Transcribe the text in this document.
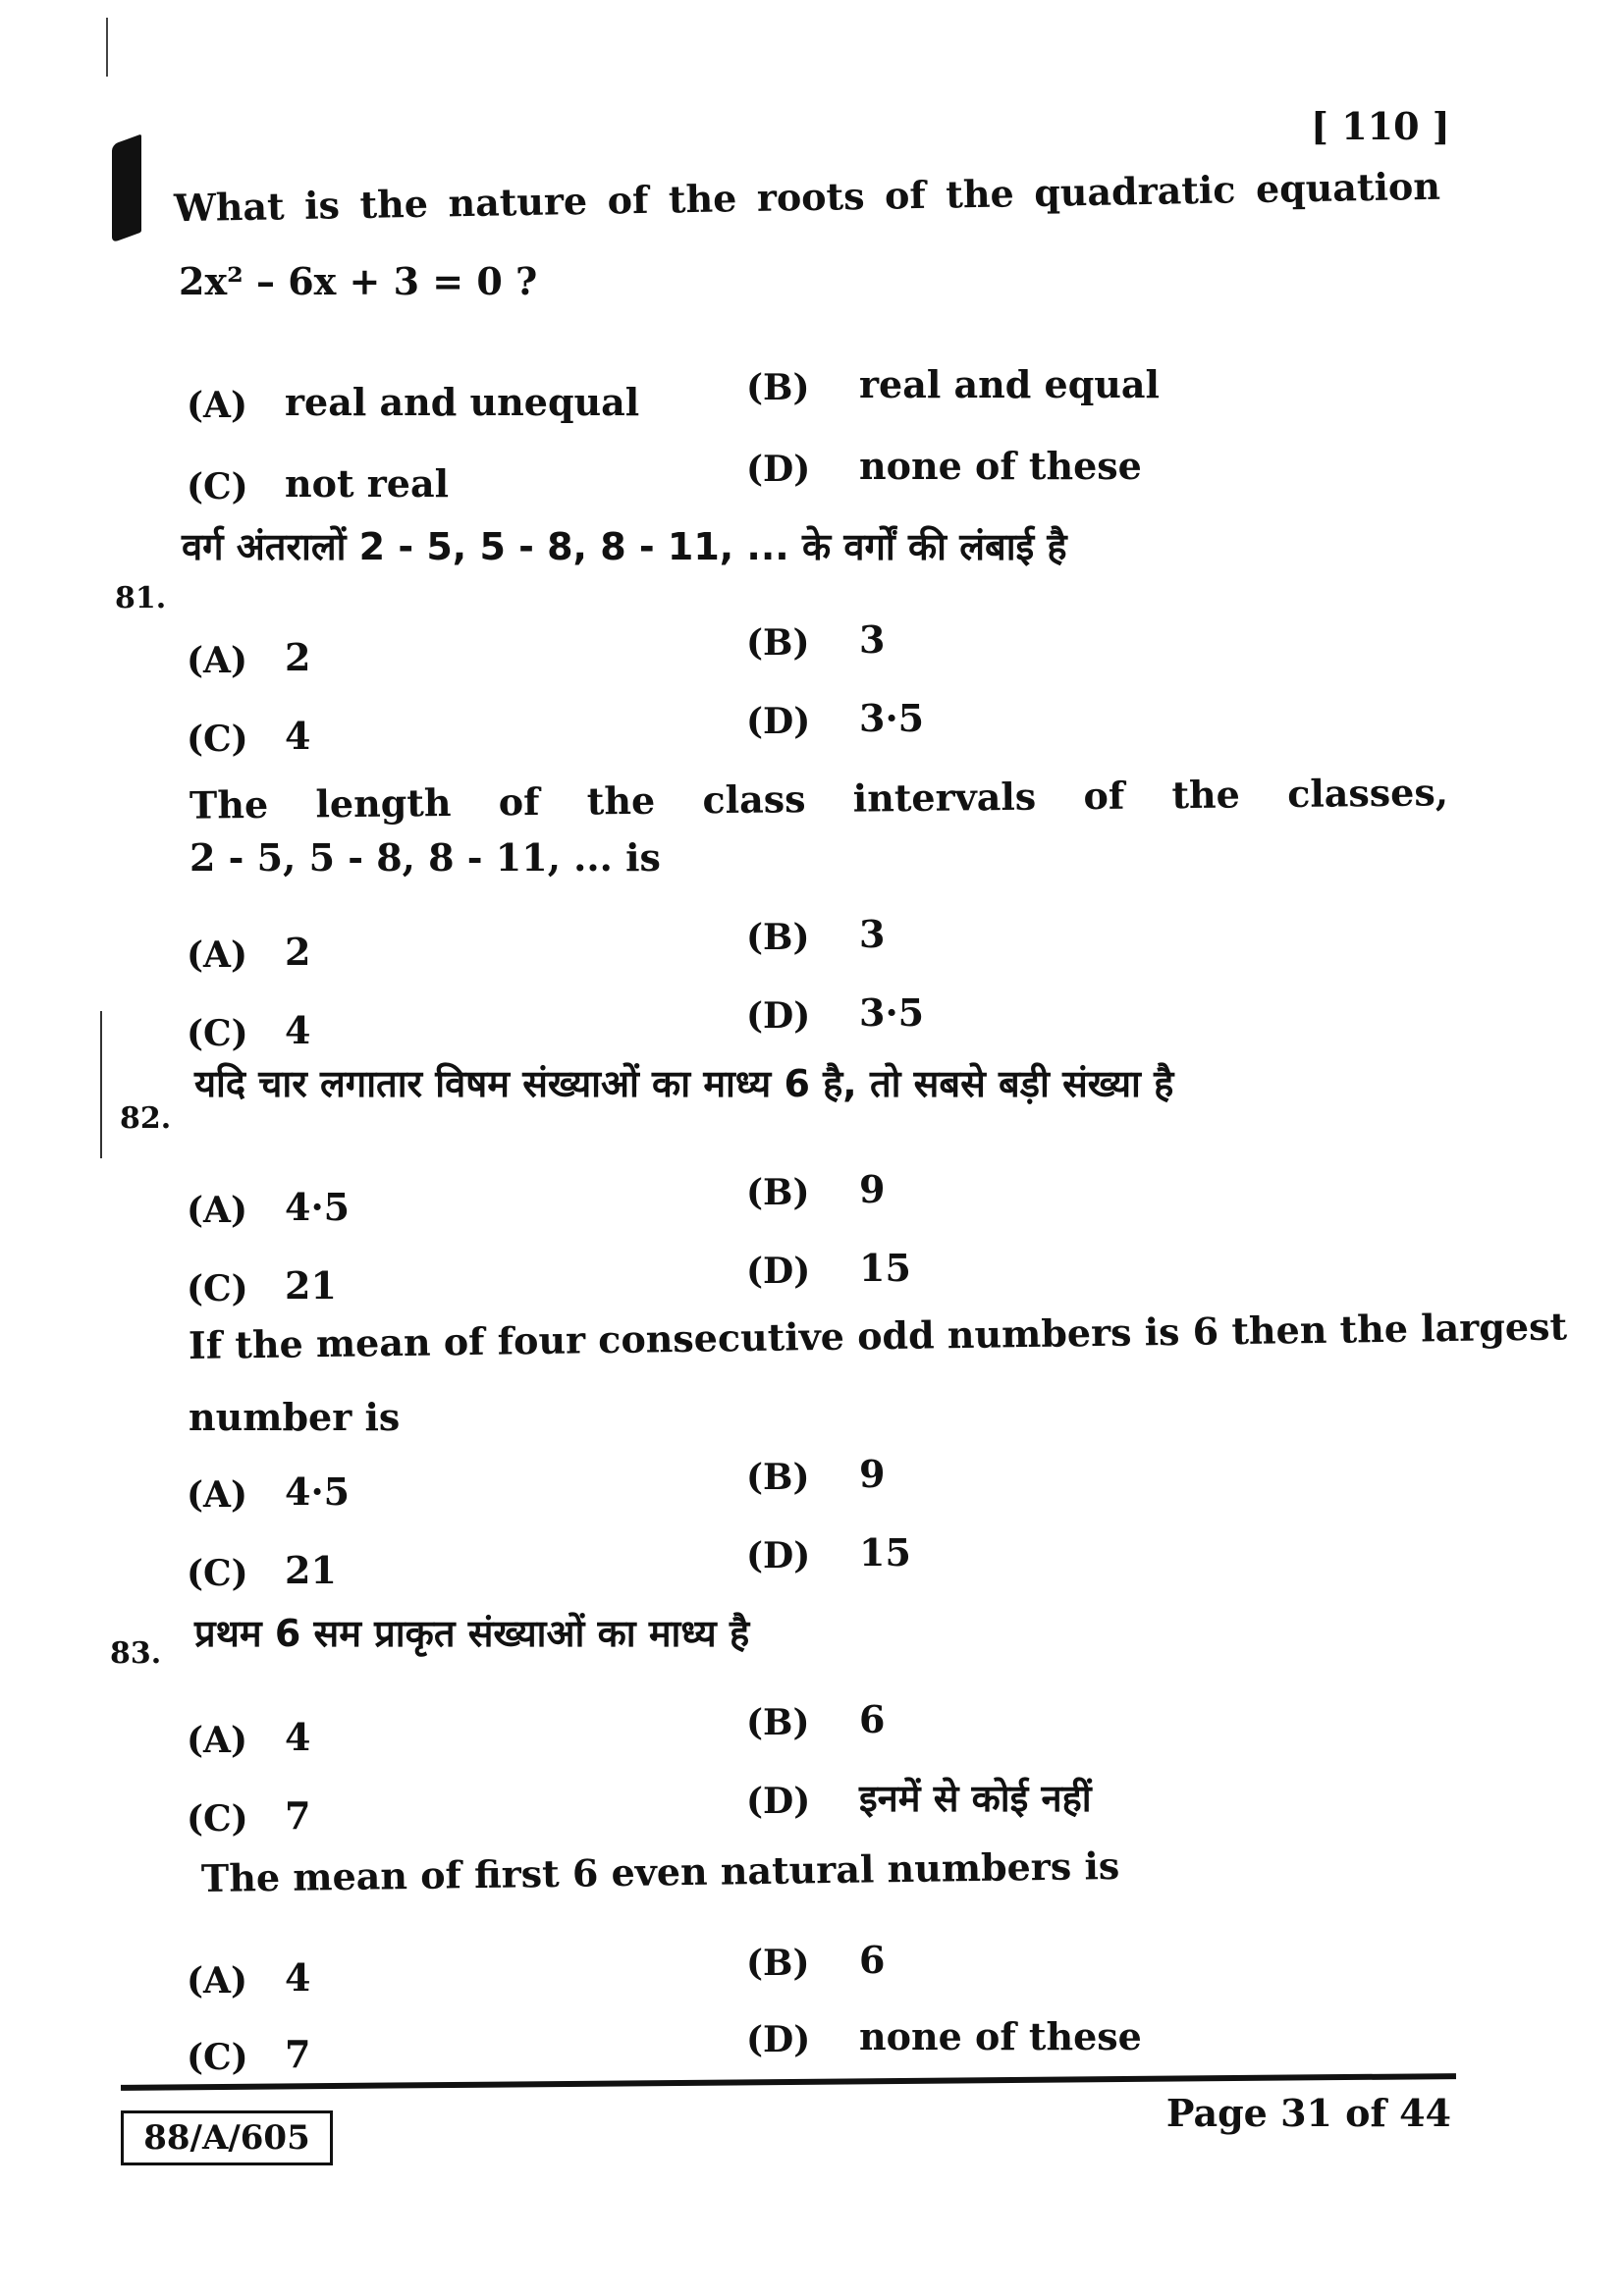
[ 110 ]
What is the nature of the roots of the quadratic equation
2x² – 6x + 3 = 0 ?
(A) real and unequal	(B) real and equal
(C) not real	(D) none of these
(A) 2	(B) 3
(C) 4	(D) 3·5
(A) 2	(B) 3
(C) 4	(D) 3·5
(A) 4·5	(B) 9
(C) 21	(D) 15
(A) 4·5	(B) 9
(C) 21	(D) 15
(A) 4	(B) 6
(C) 7	(D) इनमें से कोई नहीं
(A) 4	(B) 6
(C) 7	(D) none of these
81.
वर्ग अंतरालों 2 - 5, 5 - 8, 8 - 11, ... के वर्गों की लंबाई है
The length of the class intervals of the classes,
2 - 5, 5 - 8, 8 - 11, ... is
82.
यदि चार लगातार विषम संख्याओं का माध्य 6 है, तो सबसे बड़ी संख्या है
If the mean of four consecutive odd numbers is 6 then the largest
number is
83. प्रथम 6 सम प्राकृत संख्याओं का माध्य है
The mean of first 6 even natural numbers is
88/A/605
Page 31 of 44
